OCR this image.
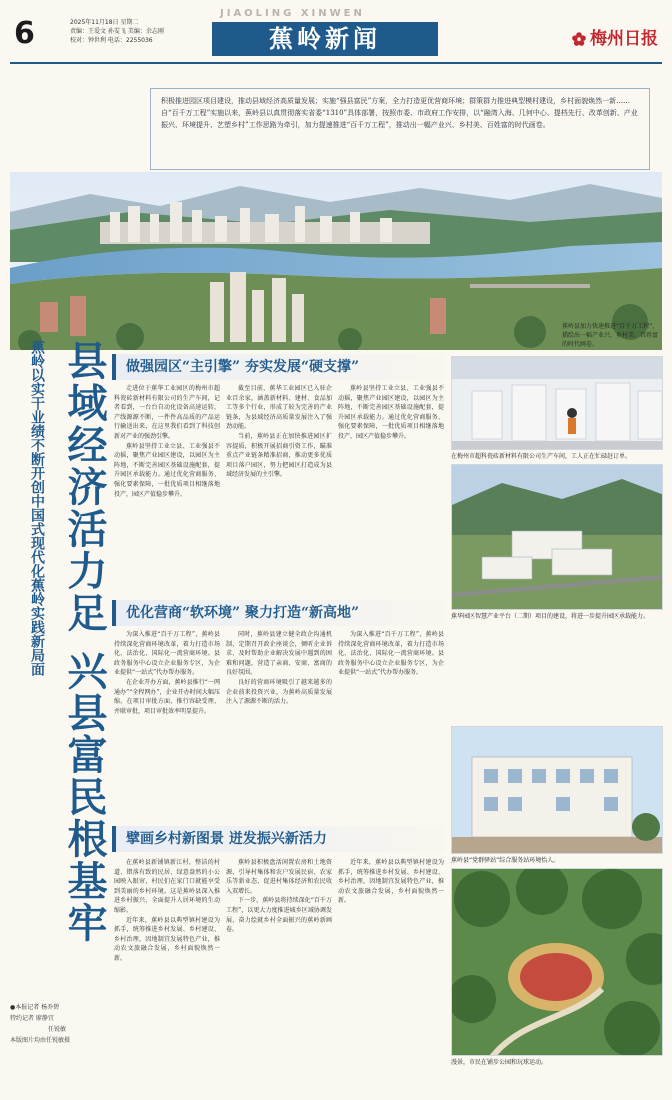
6	2025年11月18日 星期二
责编：王爱文 孙雯飞 美编：余志刚
校对：钟世利 电话：2255036
JIAOLING XINWEN
蕉岭新闻	梅州日报

积极推进园区项目建设，推动县域经济高质量发展；实施“强县富民”方案，全力打造更优营商环境；群策群力推进典型模村建设，乡村面貌焕然一新……自“百千万工程”实施以来，蕉岭县以真贯彻落实省委“1310”具体部署，按照市委、市政府工作安排，以“融湾入海、几何中心、提档先行、改革创新、产业振兴、环境提升、艺塑乡村”工作思路为牵引，加力提速推进“百千万工程”，推动出一幅产业兴、乡村美、百姓富的时代画卷。

蕉岭县加力快速推进“百千万工程”，描绘出一幅产业兴、乡村美、百姓富的时代画卷。
蕉岭以实干业绩不断开创中国式现代化蕉岭实践新局面 县域经济活力足 兴县富民根基牢
●本报记者 杨乔碧
特约记者 廖静宜
任锐敏
本版图片均由任锐敏摄
做强园区“主引擎” 夯实发展“硬支撑”

走进位于蕉华工业园区的梅州市超科瓷砖新材料有限公司的生产车间，记者看到，一台台自动化设备高速运转，产线源源不断，一件件高品质的产品运行输送出来，在这里我们看到了科技创新对产业的强劲引擎。

蕉岭县坚持工业立县、工业强县不动摇，聚焦产业园区建设，以园区为主阵地，不断完善园区基础设施配套，提升园区承载能力。通过优化营商服务、强化要素保障，一批优质项目相继落地投产，园区产值稳步攀升。

截至目前，蕉华工业园区已入驻企业百余家，涵盖新材料、建材、食品加工等多个行业，形成了较为完善的产业链条，为县域经济高质量发展注入了强劲动能。

当前，蕉岭县正在加快推进园区扩容提质，积极开展招商引资工作，瞄准重点产业链条精准招商，推动更多优质项目落户园区，努力把园区打造成为县域经济发展的主引擎。

蕉岭县坚持工业立县、工业强县不动摇，聚焦产业园区建设，以园区为主阵地，不断完善园区基础设施配套，提升园区承载能力。通过优化营商服务、强化要素保障，一批优质项目相继落地投产，园区产值稳步攀升。

优化营商“软环境” 聚力打造“新高地”

为深入推进“百千万工程”，蕉岭县持续深化营商环境改革，着力打造市场化、法治化、国际化一流营商环境。县政务服务中心设立企业服务专区，为企业提供“一站式”代办帮办服务。

在企业开办方面，蕉岭县推行“一网通办”“全程网办”，企业开办时间大幅压缩。在项目审批方面，推行容缺受理、并联审批，项目审批效率明显提升。

同时，蕉岭县建立健全政企沟通机制，定期召开政企座谈会，倾听企业诉求，及时帮助企业解决发展中遇到的困难和问题，营造了亲商、安商、富商的良好氛围。

良好的营商环境吸引了越来越多的企业前来投资兴业，为蕉岭高质量发展注入了源源不断的活力。

为深入推进“百千万工程”，蕉岭县持续深化营商环境改革，着力打造市场化、法治化、国际化一流营商环境。县政务服务中心设立企业服务专区，为企业提供“一站式”代办帮办服务。

擘画乡村新图景 迸发振兴新活力

在蕉岭县新铺镇新江村，整洁的村道、错落有致的民居、绿意盎然的小公园映入眼帘，村民们在家门口就能享受到美丽的乡村环境。这是蕉岭县深入推进乡村振兴、全面提升人居环境的生动缩影。

近年来，蕉岭县以典型镇村建设为抓手，统筹推进乡村发展、乡村建设、乡村治理，因地制宜发展特色产业，推动农文旅融合发展，乡村面貌焕然一新。

蕉岭县积极盘活闲置农房和土地资源，引导村集体和农户发展民宿、农家乐等新业态，促进村集体经济和农民收入双增长。

下一步，蕉岭县将持续深化“百千万工程”，以更大力度推进城乡区域协调发展，奋力绘就乡村全面振兴的蕉岭新画卷。

近年来，蕉岭县以典型镇村建设为抓手，统筹推进乡村发展、乡村建设、乡村治理，因地制宜发展特色产业，推动农文旅融合发展，乡村面貌焕然一新。

在梅州市超科瓷砖新材料有限公司生产车间，工人正在忙碌赶订单。
蕉华园区智慧产业平台（二期）项目的建设，将进一步提升园区承载能力。
蕉岭县“党群驿站”综合服务站环境怡人。
漫景，市民在铺步公园和玩球运动。
